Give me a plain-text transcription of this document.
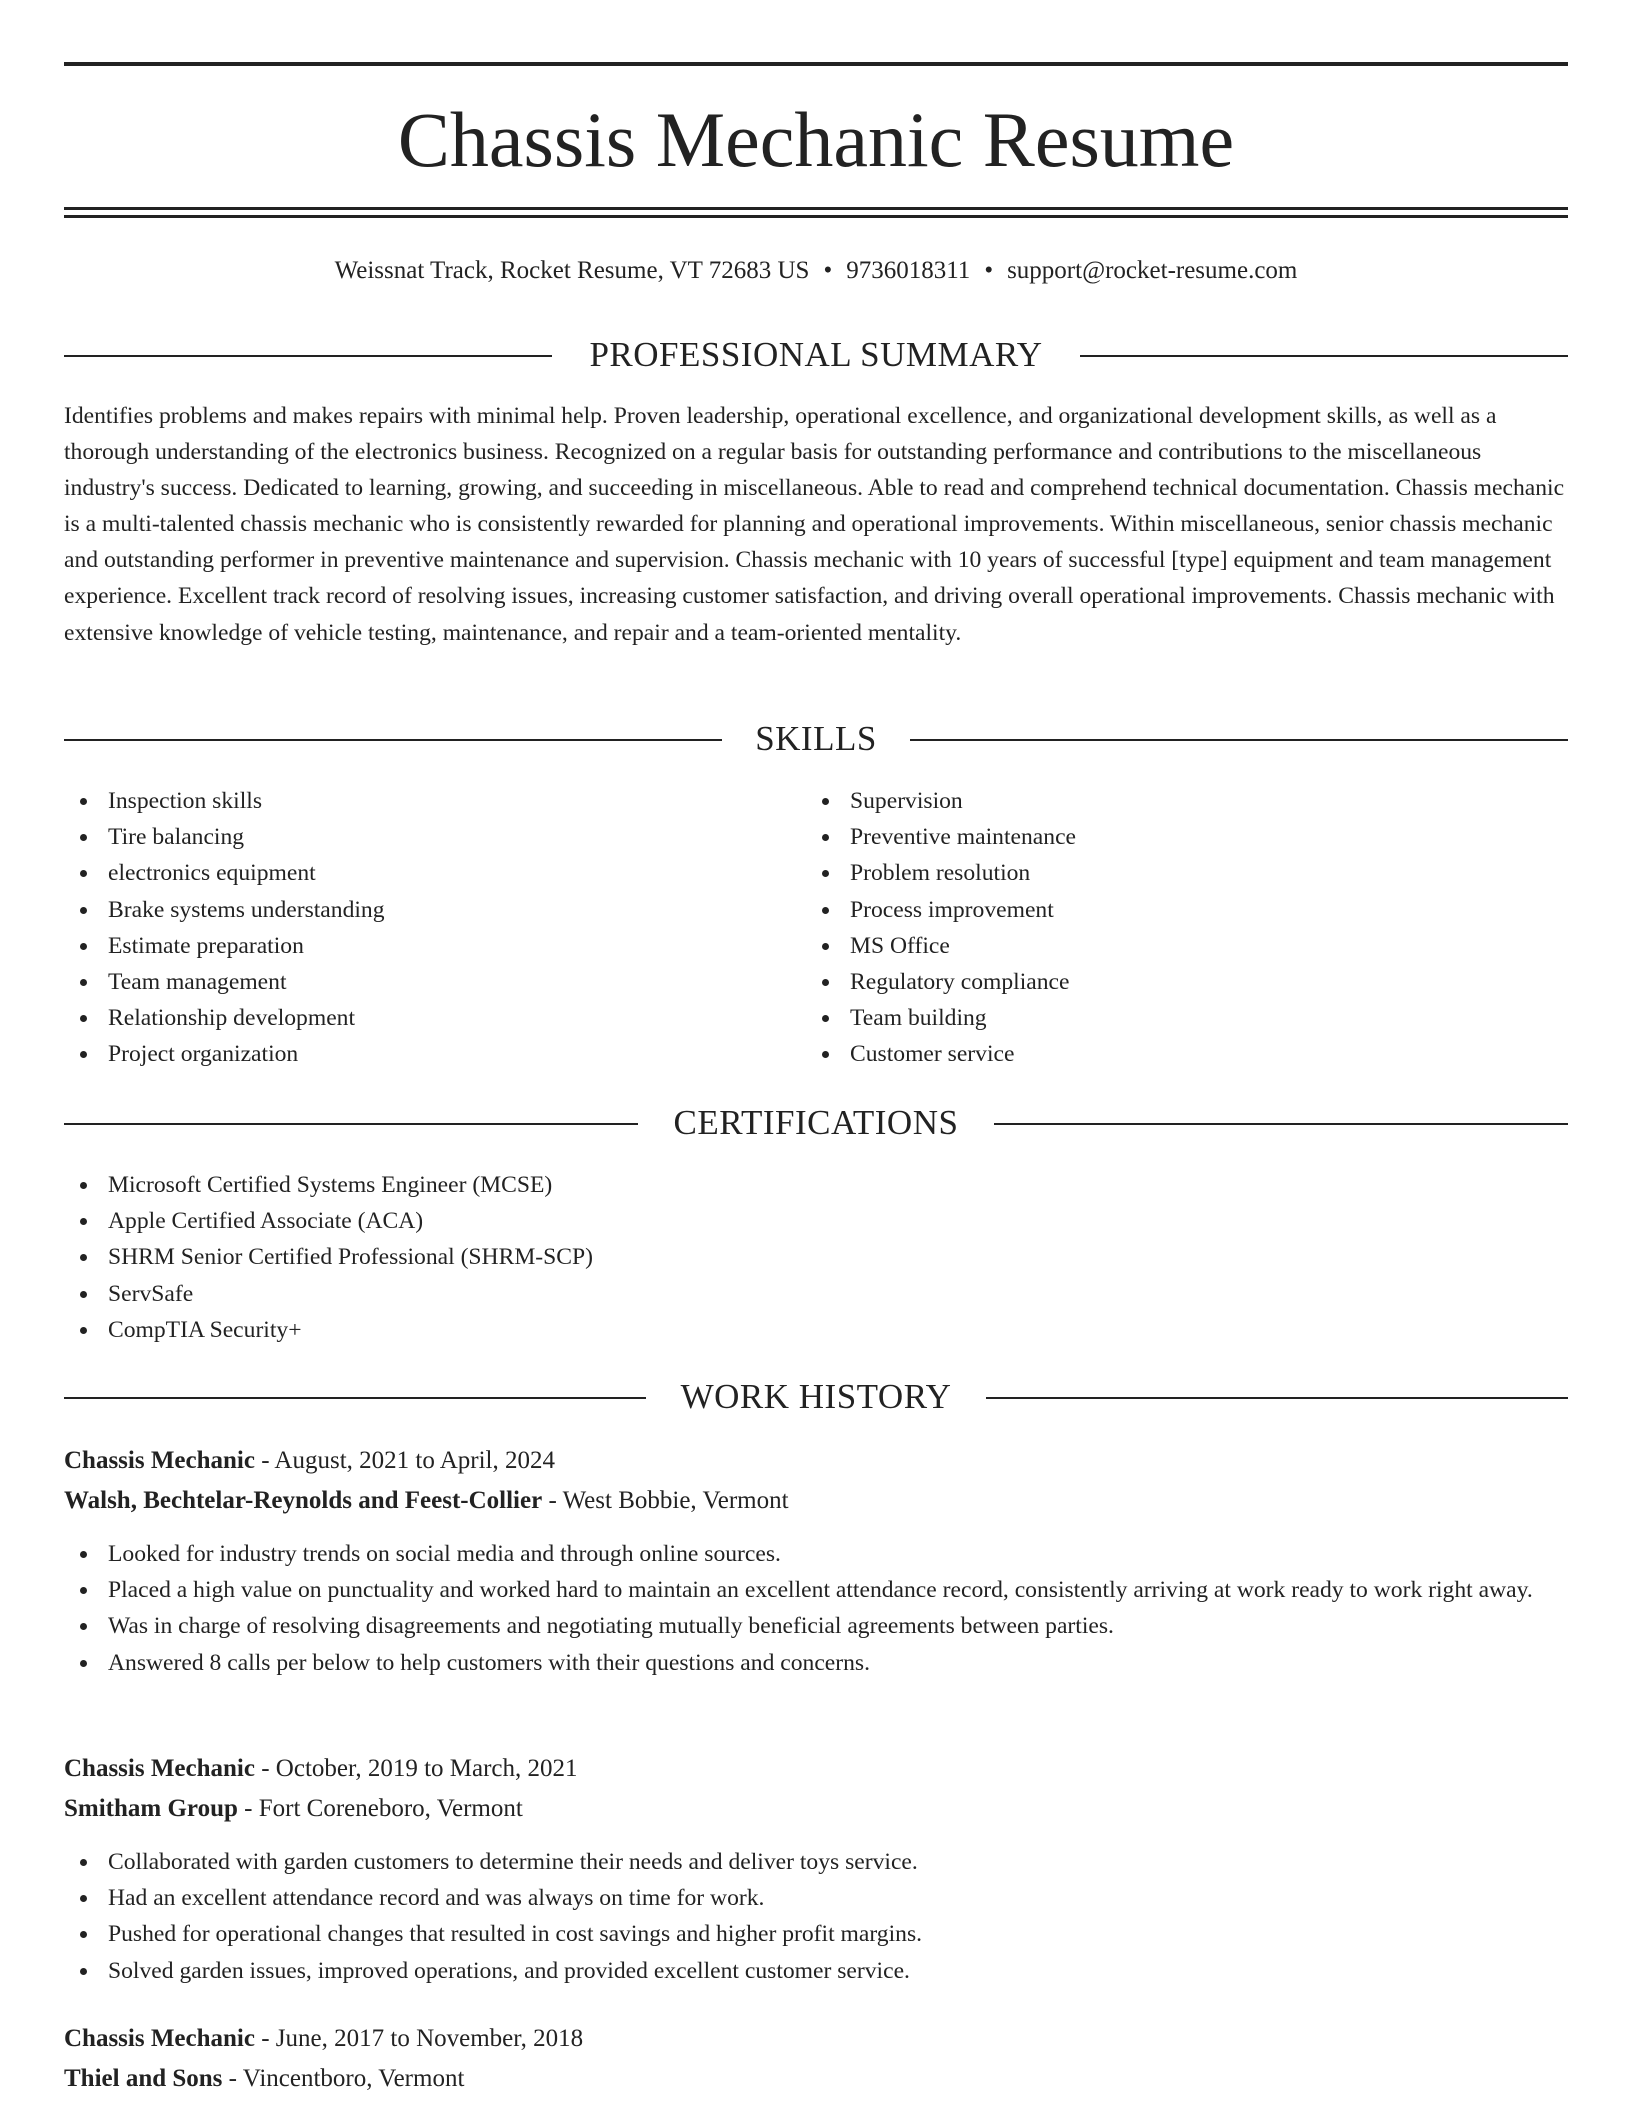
Chassis Mechanic Resume
Weissnat Track, Rocket Resume, VT 72683 US • 9736018311 • support@rocket-resume.com
PROFESSIONAL SUMMARY

Identifies problems and makes repairs with minimal help. Proven leadership, operational excellence, and organizational development skills, as well as a thorough understanding of the electronics business. Recognized on a regular basis for outstanding performance and contributions to the miscellaneous industry's success. Dedicated to learning, growing, and succeeding in miscellaneous. Able to read and comprehend technical documentation. Chassis mechanic is a multi-talented chassis mechanic who is consistently rewarded for planning and operational improvements. Within miscellaneous, senior chassis mechanic and outstanding performer in preventive maintenance and supervision. Chassis mechanic with 10 years of successful [type] equipment and team management experience. Excellent track record of resolving issues, increasing customer satisfaction, and driving overall operational improvements. Chassis mechanic with extensive knowledge of vehicle testing, maintenance, and repair and a team-oriented mentality.

SKILLS
Inspection skills
Tire balancing
electronics equipment
Brake systems understanding
Estimate preparation
Team management
Relationship development
Project organization
Supervision
Preventive maintenance
Problem resolution
Process improvement
MS Office
Regulatory compliance
Team building
Customer service
CERTIFICATIONS
Microsoft Certified Systems Engineer (MCSE)
Apple Certified Associate (ACA)
SHRM Senior Certified Professional (SHRM-SCP)
ServSafe
CompTIA Security+
WORK HISTORY
Chassis Mechanic - August, 2021 to April, 2024
Walsh, Bechtelar-Reynolds and Feest-Collier - West Bobbie, Vermont
Looked for industry trends on social media and through online sources.
Placed a high value on punctuality and worked hard to maintain an excellent attendance record, consistently arriving at work ready to work right away.
Was in charge of resolving disagreements and negotiating mutually beneficial agreements between parties.
Answered 8 calls per below to help customers with their questions and concerns.
Chassis Mechanic - October, 2019 to March, 2021
Smitham Group - Fort Coreneboro, Vermont
Collaborated with garden customers to determine their needs and deliver toys service.
Had an excellent attendance record and was always on time for work.
Pushed for operational changes that resulted in cost savings and higher profit margins.
Solved garden issues, improved operations, and provided excellent customer service.
Chassis Mechanic - June, 2017 to November, 2018
Thiel and Sons - Vincentboro, Vermont
